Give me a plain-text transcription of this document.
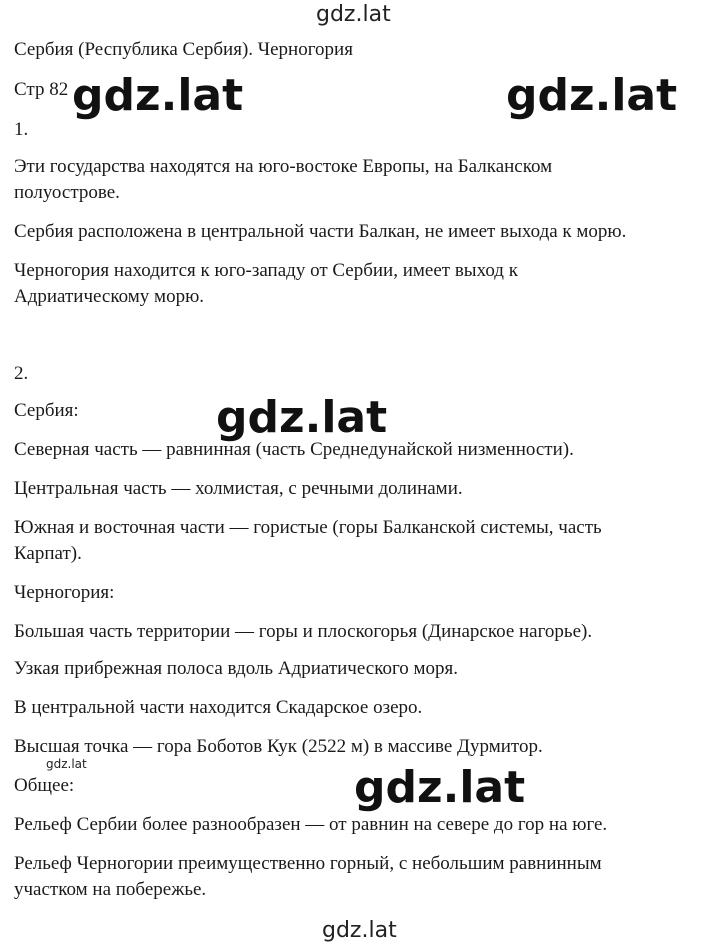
Сербия (Республика Сербия). Черногория

Стр 82

1.

Эти государства находятся на юго-востоке Европы, на Балканском

полуострове.

Сербия расположена в центральной части Балкан, не имеет выхода к морю.

Черногория находится к юго-западу от Сербии, имеет выход к

Адриатическому морю.

2.

Сербия:

Северная часть — равнинная (часть Среднедунайской низменности).

Центральная часть — холмистая, с речными долинами.

Южная и восточная части — гористые (горы Балканской системы, часть

Карпат).

Черногория:

Большая часть территории — горы и плоскогорья (Динарское нагорье).

Узкая прибрежная полоса вдоль Адриатического моря.

В центральной части находится Скадарское озеро.

Высшая точка — гора Боботов Кук (2522 м) в массиве Дурмитор.

Общее:

Рельеф Сербии более разнообразен — от равнин на севере до гор на юге.

Рельеф Черногории преимущественно горный, с небольшим равнинным

участком на побережье.

gdz.lat
gdz.lat	gdz.lat
gdz.lat
gdz.lat	gdz.lat
gdz.lat
